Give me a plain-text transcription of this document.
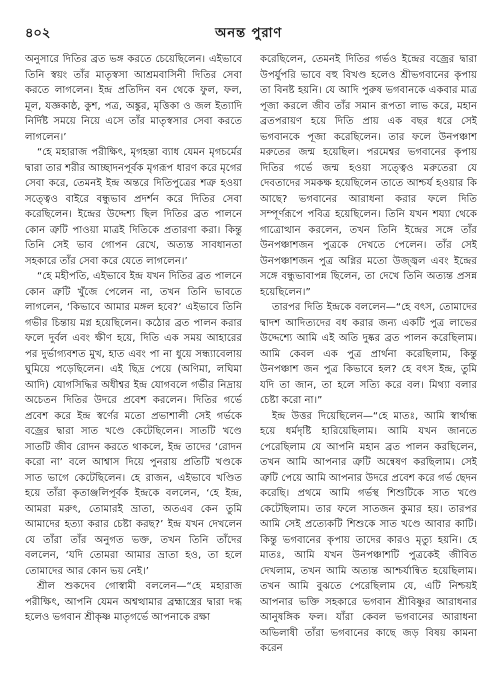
৪০২	অনন্ত পুরাণ

অনুসারে দিতির ব্রত ভঙ্গ করতে চেয়েছিলেন। এইভাবে তিনি স্বয়ং তাঁর মাতৃস্বসা আশ্রমবাসিনী দিতির সেবা করতে লাগলেন। ইন্দ্র প্রতিদিন বন থেকে ফুল, ফল, মূল, যজ্ঞকাষ্ঠ, কুশ, পত্র, অঙ্কুর, মৃত্তিকা ও জল ইত্যাদি নির্দিষ্ট সময়ে নিয়ে এসে তাঁর মাতৃস্বসার সেবা করতে লাগলেন।’

“হে মহারাজ পরীক্ষিৎ, মৃগহন্তা ব্যাধ যেমন মৃগচর্মের দ্বারা তার শরীর আচ্ছাদনপূর্বক মৃগরূপ ধারণ করে মৃগের সেবা করে, তেমনই ইন্দ্র অন্তরে দিতিপুত্রের শত্রু হওয়া সত্ত্বেও বাইরে বন্ধুভাব প্রদর্শন করে দিতির সেবা করেছিলেন। ইন্দ্রের উদ্দেশ্য ছিল দিতির ব্রত পালনে কোন ত্রুটি পাওয়া মাত্রই দিতিকে প্রতারণা করা। কিন্তু তিনি সেই ভাব গোপন রেখে, অত্যন্ত সাবধানতা সহকারে তাঁর সেবা করে যেতে লাগলেন।’

“হে মহীপতি, এইভাবে ইন্দ্র যখন দিতির ব্রত পালনে কোন ত্রুটি খুঁজে পেলেন না, তখন তিনি ভাবতে লাগলেন, ‘কিভাবে আমার মঙ্গল হবে?’ এইভাবে তিনি গভীর চিন্তায় মগ্ন হয়েছিলেন। কঠোর ব্রত পালন করার ফলে দুর্বল এবং ক্ষীণ হয়ে, দিতি এক সময় আহারের পর দুর্ভাগ্যবশত মুখ, হাত এবং পা না ধুয়ে সন্ধ্যাবেলায় ঘুমিয়ে পড়েছিলেন। এই ছিদ্র পেয়ে (অণিমা, লঘিমা আদি) যোগসিদ্ধির অধীশ্বর ইন্দ্র যোগবলে গর্ভীর নিদ্রায় অচেতন দিতির উদরে প্রবেশ করলেন। দিতির গর্ভে প্রবেশ করে ইন্দ্র স্বর্ণের মতো প্রভাশালী সেই গর্ভকে বজ্রের দ্বারা সাত খণ্ডে কেটেছিলেন। সাতটি খণ্ডে সাতটি জীব রোদন করতে থাকলে, ইন্দ্র তাদের ‘রোদন করো না’ বলে আশ্বাস দিয়ে পুনরায় প্রতিটি খণ্ডকে সাত ভাগে কেটেছিলেন। হে রাজন, এইভাবে খণ্ডিত হয়ে তাঁরা কৃতাঞ্জলিপূর্বক ইন্দ্রকে বললেন, ‘হে ইন্দ্র, আমরা মরুৎ, তোমারই ভ্রাতা, অতএব কেন তুমি আমাদের হত্যা করার চেষ্টা করছ?’ ইন্দ্র যখন দেখলেন যে তাঁরা তাঁর অনুগত ভক্ত, তখন তিনি তাঁদের বললেন, ‘যদি তোমরা আমার ভ্রাতা হও, তা হলে তোমাদের আর কোন ভয় নেই।’

শ্রীল শুকদেব গোস্বামী বললেন—“হে মহারাজ পরীক্ষিৎ, আপনি যেমন অশ্বত্থামার ব্রহ্মাস্ত্রের দ্বারা দগ্ধ হলেও ভগবান শ্রীকৃষ্ণ মাতৃগর্ভে আপনাকে রক্ষা

করেছিলেন, তেমনই দিতির গর্ভও ইন্দ্রের বজ্রের দ্বারা উপর্যুপরি ভাবে বহু বিখণ্ড হলেও শ্রীভগবানের কৃপায় তা বিনষ্ট হয়নি। যে আদি পুরুষ ভগবানকে একবার মাত্র পূজা করলে জীব তাঁর সমান রূপতা লাভ করে, মহান ব্রতপরায়ণ হয়ে দিতি প্রায় এক বছর ধরে সেই ভগবানকে পূজা করেছিলেন। তার ফলে উনপঞ্চাশ মরুতের জন্ম হয়েছিল। পরমেশ্বর ভগবানের কৃপায় দিতির গর্ভে জন্ম হওয়া সত্ত্বেও মরুতেরা যে দেবতাদের সমকক্ষ হয়েছিলেন তাতে আশ্চর্য হওয়ার কি আছে? ভগবানের আরাধনা করার ফলে দিতি সম্পূর্ণরূপে পবিত্র হয়েছিলেন। তিনি যখন শয্যা থেকে গাত্রোত্থান করলেন, তখন তিনি ইন্দ্রের সঙ্গে তাঁর উনপঞ্চাশজন পুত্রকে দেখতে পেলেন। তাঁর সেই উনপঞ্চাশজন পুত্র অগ্নির মতো উজ্জ্বল এবং ইন্দ্রের সঙ্গে বন্ধুভাবাপন্ন ছিলেন, তা দেখে তিনি অত্যন্ত প্রসন্ন হয়েছিলেন।”

তারপর দিতি ইন্দ্রকে বললেন—“হে বৎস, তোমাদের দ্বাদশ আদিত্যদের বধ করার জন্য একটি পুত্র লাভের উদ্দেশ্যে আমি এই অতি দুষ্কর ব্রত পালন করেছিলাম। আমি কেবল এক পুত্র প্রার্থনা করেছিলাম, কিন্তু উনপঞ্চাশ জন পুত্র কিভাবে হল? হে বৎস ইন্দ্র, তুমি যদি তা জান, তা হলে সত্যি করে বল। মিথ্যা বলার চেষ্টা করো না।”

ইন্দ্র উত্তর দিয়েছিলেন—“হে মাতঃ, আমি স্বার্থান্ধ হয়ে ধর্মদৃষ্টি হারিয়েছিলাম। আমি যখন জানতে পেরেছিলাম যে আপনি মহান ব্রত পালন করছিলেন, তখন আমি আপনার ত্রুটি অন্বেষণ করছিলাম। সেই ত্রুটি পেয়ে আমি আপনার উদরে প্রবেশ করে গর্ভ ছেদন করেছি। প্রথমে আমি গর্ভস্থ শিশুটিকে সাত খণ্ডে কেটেছিলাম। তার ফলে সাতজন কুমার হয়। তারপর আমি সেই প্রত্যেকটি শিশুকে সাত খণ্ডে আবার কাটি। কিন্তু ভগবানের কৃপায় তাদের কারও মৃত্যু হয়নি। হে মাতঃ, আমি যখন উনপঞ্চাশটি পুত্রকেই জীবিত দেখলাম, তখন আমি অত্যন্ত আশ্চর্যান্বিত হয়েছিলাম। তখন আমি বুঝতে পেরেছিলাম যে, এটি নিশ্চয়ই আপনার ভক্তি সহকারে ভগবান শ্রীবিষ্ণুর আরাধনার আনুষঙ্গিক ফল। যাঁরা কেবল ভগবানের আরাধনা অভিলাষী তাঁরা ভগবানের কাছে জড় বিষয় কামনা করেন
